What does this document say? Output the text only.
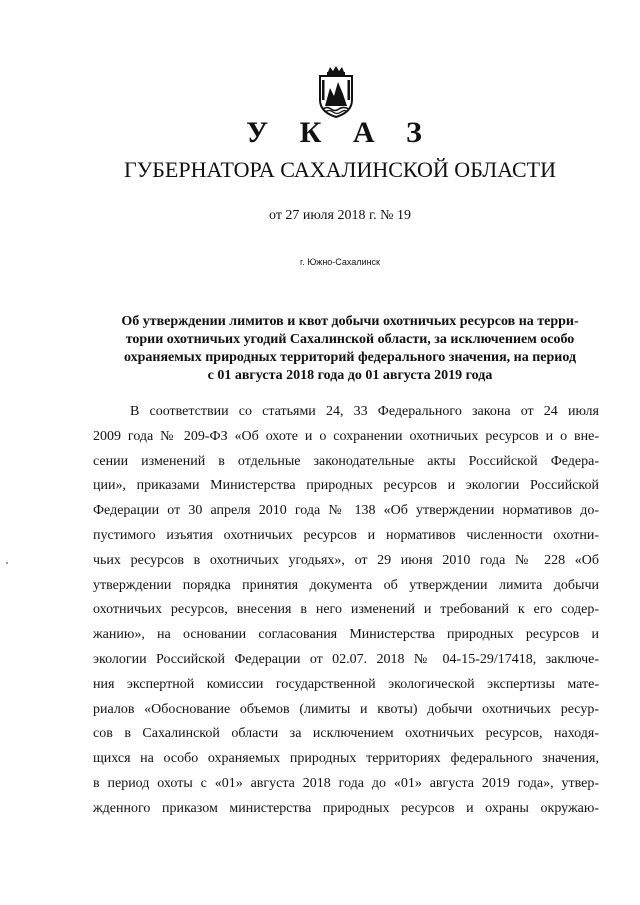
У К А З
ГУБЕРНАТОРА САХАЛИНСКОЙ ОБЛАСТИ
от 27 июля 2018 г. № 19
г. Южно-Сахалинск
Об утверждении лимитов и квот добычи охотничьих ресурсов на терри-
тории охотничьих угодий Сахалинской области, за исключением особо
охраняемых природных территорий федерального значения, на период
с 01 августа 2018 года до 01 августа 2019 года
В соответствии со статьями 24, 33 Федерального закона от 24 июля
2009 года № 209-ФЗ «Об охоте и о сохранении охотничьих ресурсов и о вне-
сении изменений в отдельные законодательные акты Российской Федера-
ции», приказами Министерства природных ресурсов и экологии Российской
Федерации от 30 апреля 2010 года № 138 «Об утверждении нормативов до-
пустимого изъятия охотничьих ресурсов и нормативов численности охотни-
чьих ресурсов в охотничьих угодьях», от 29 июня 2010 года № 228 «Об
утверждении порядка принятия документа об утверждении лимита добычи
охотничьих ресурсов, внесения в него изменений и требований к его содер-
жанию», на основании согласования Министерства природных ресурсов и
экологии Российской Федерации от 02.07. 2018 № 04-15-29/17418, заключе-
ния экспертной комиссии государственной экологической экспертизы мате-
риалов «Обоснование объемов (лимиты и квоты) добычи охотничьих ресур-
сов в Сахалинской области за исключением охотничьих ресурсов, находя-
щихся на особо охраняемых природных территориях федерального значения,
в период охоты с «01» августа 2018 года до «01» августа 2019 года», утвер-
жденного приказом министерства природных ресурсов и охраны окружаю-
